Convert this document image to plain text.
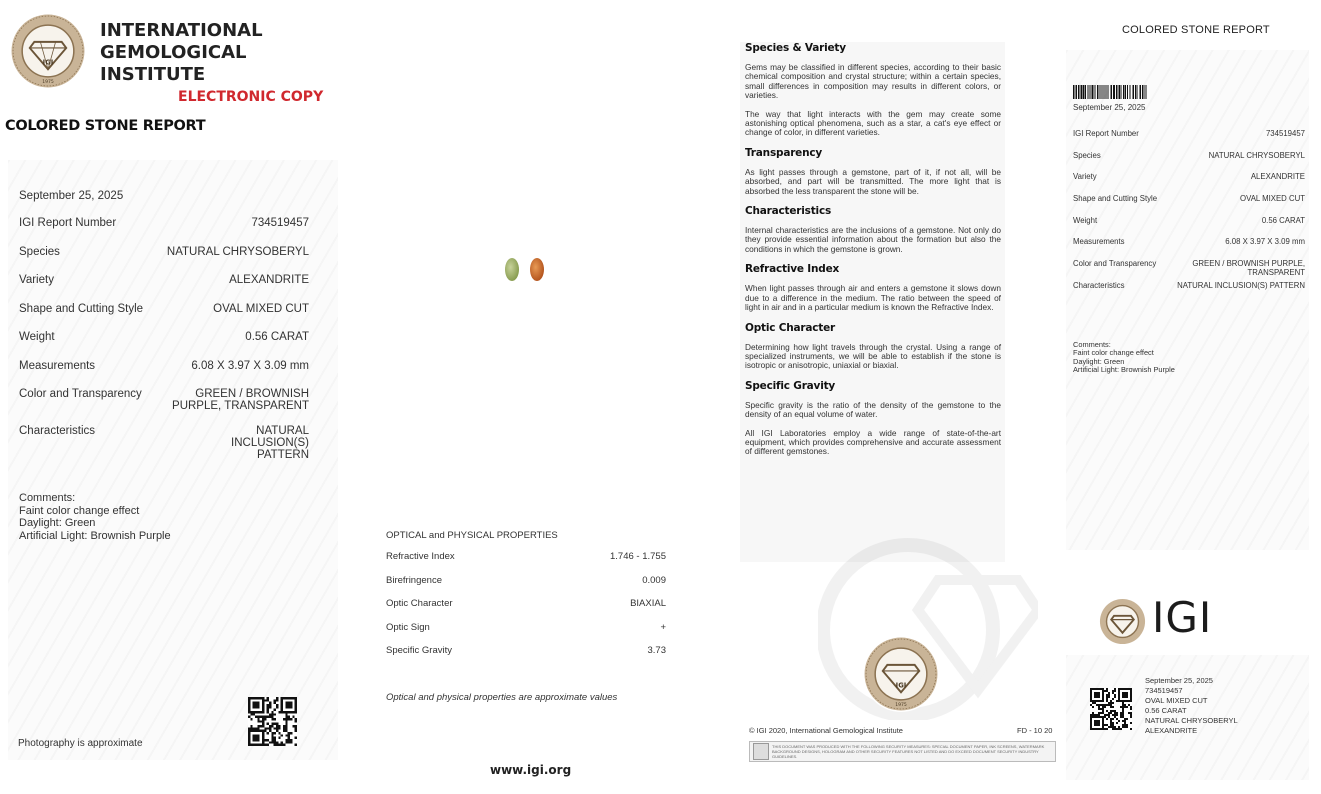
IGI
1975
INTERNATIONAL
GEMOLOGICAL
INSTITUTE
ELECTRONIC COPY
COLORED STONE REPORT
September 25, 2025
IGI Report Number	734519457
Species	NATURAL CHRYSOBERYL
Variety	ALEXANDRITE
Shape and Cutting Style	OVAL MIXED CUT
Weight	0.56 CARAT
Measurements	6.08 X 3.97 X 3.09 mm
Color and Transparency	GREEN / BROWNISH PURPLE, TRANSPARENT
Characteristics	NATURAL INCLUSION(S) PATTERN
Comments:
Faint color change effect
Daylight: Green
Artificial Light: Brownish Purple
Photography is approximate
OPTICAL and PHYSICAL PROPERTIES
Refractive Index	1.746 - 1.755
Birefringence	0.009
Optic Character	BIAXIAL
Optic Sign	+
Specific Gravity	3.73
Optical and physical properties are approximate values
www.igi.org
Species & Variety

Gems may be classified in different species, according to their basic chemical composition and crystal structure; within a certain species, small differences in composition may results in different colors, or varieties.

The way that light interacts with the gem may create some astonishing optical phenomena, such as a star, a cat's eye effect or change of color, in different varieties.

Transparency

As light passes through a gemstone, part of it, if not all, will be absorbed, and part will be transmitted. The more light that is absorbed the less transparent the stone will be.

Characteristics

Internal characteristics are the inclusions of a gemstone. Not only do they provide essential information about the formation but also the conditions in which the gemstone is grown.

Refractive Index

When light passes through air and enters a gemstone it slows down due to a difference in the medium. The ratio between the speed of light in air and in a particular medium is known the Refractive Index.

Optic Character

Determining how light travels through the crystal. Using a range of specialized instruments, we will be able to establish if the stone is isotropic or anisotropic, uniaxial or biaxial.

Specific Gravity

Specific gravity is the ratio of the density of the gemstone to the density of an equal volume of water.

All IGI Laboratories employ a wide range of state-of-the-art equipment, which provides comprehensive and accurate assessment of different gemstones.

IGI
1975
© IGI 2020, International Gemological Institute	FD - 10 20
THIS DOCUMENT WAS PRODUCED WITH THE FOLLOWING SECURITY MEASURES: SPECIAL DOCUMENT PAPER, INK SCREENS, WATERMARK BACKGROUND DESIGNS, HOLOGRAM AND OTHER SECURITY FEATURES NOT LISTED AND DO EXCEED DOCUMENT SECURITY INDUSTRY GUIDELINES.
COLORED STONE REPORT
September 25, 2025
IGI Report Number	734519457
Species	NATURAL CHRYSOBERYL
Variety	ALEXANDRITE
Shape and Cutting Style	OVAL MIXED CUT
Weight	0.56 CARAT
Measurements	6.08 X 3.97 X 3.09 mm
Color and Transparency	GREEN / BROWNISH PURPLE, TRANSPARENT
Characteristics	NATURAL INCLUSION(S) PATTERN
Comments:
Faint color change effect
Daylight: Green
Artificial Light: Brownish Purple
IGI
September 25, 2025
734519457
OVAL MIXED CUT
0.56 CARAT
NATURAL CHRYSOBERYL
ALEXANDRITE
